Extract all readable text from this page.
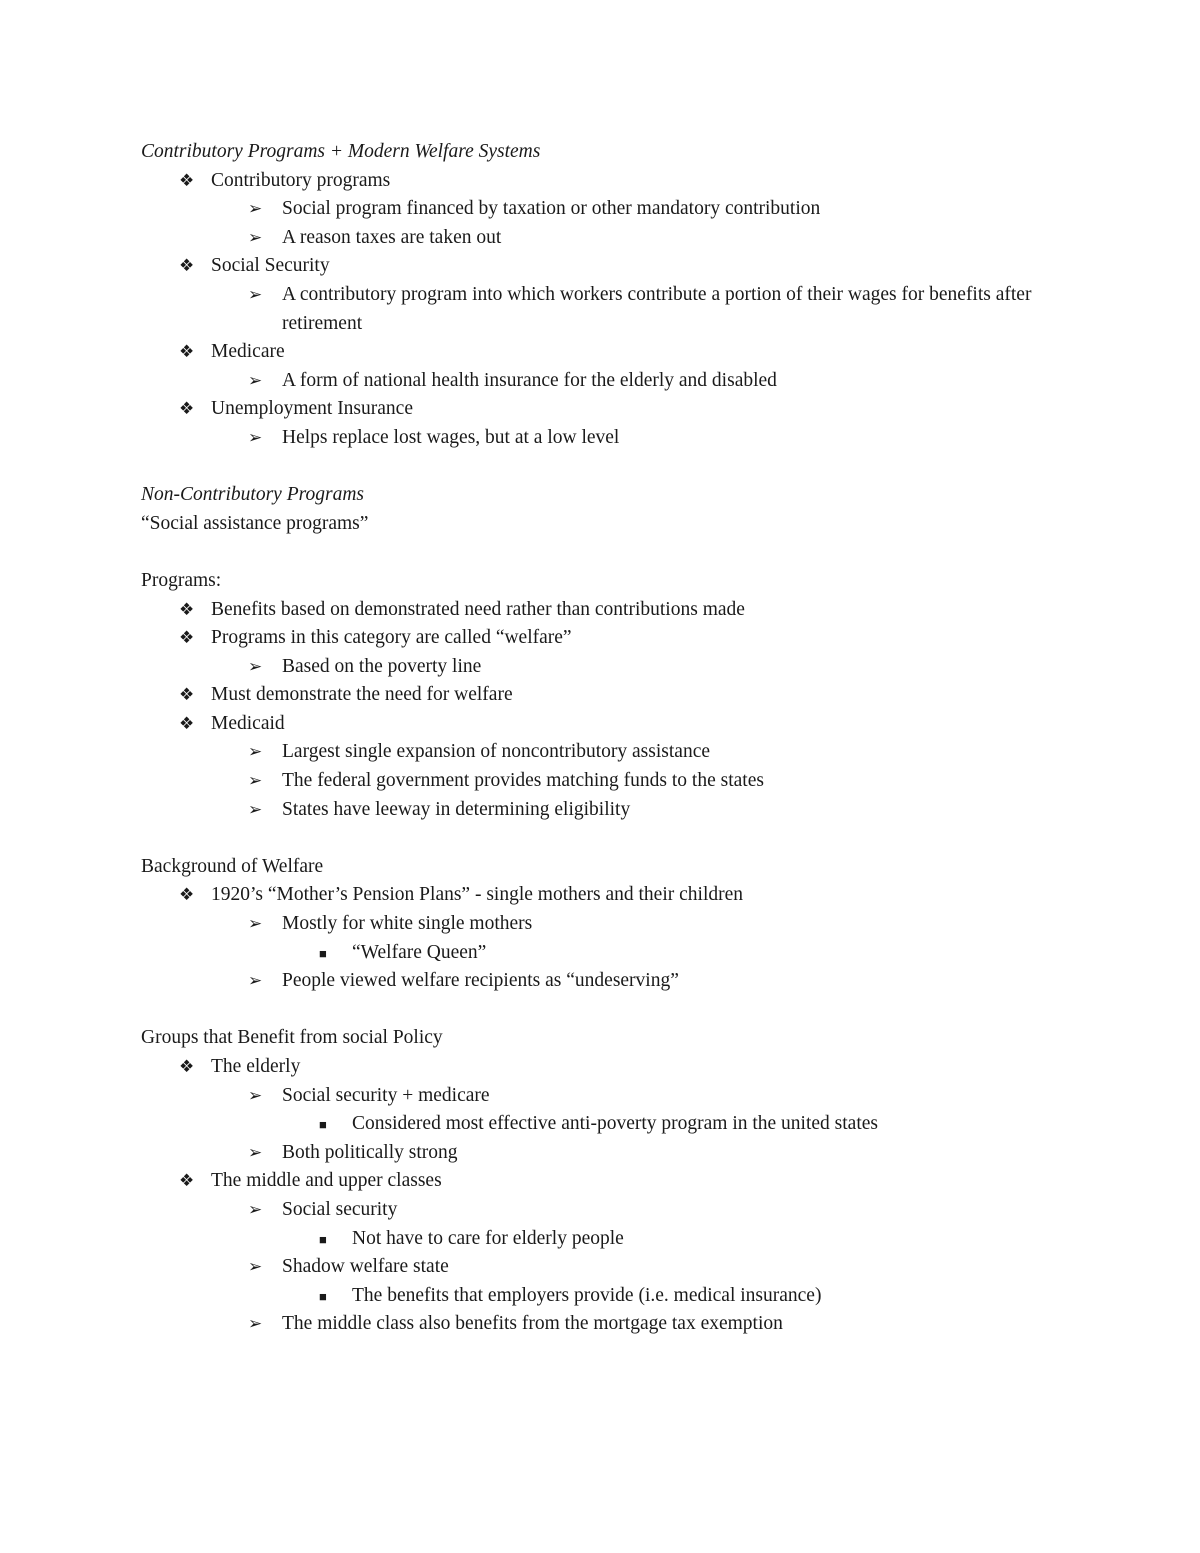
Contributory Programs + Modern Welfare Systems
❖ Contributory programs
➢ Social program financed by taxation or other mandatory contribution
➢ A reason taxes are taken out
❖ Social Security
➢ A contributory program into which workers contribute a portion of their wages for benefits after retirement
❖ Medicare
➢ A form of national health insurance for the elderly and disabled
❖ Unemployment Insurance
➢ Helps replace lost wages, but at a low level
Non-Contributory Programs
“Social assistance programs”
Programs:
❖ Benefits based on demonstrated need rather than contributions made
❖ Programs in this category are called “welfare”
➢ Based on the poverty line
❖ Must demonstrate the need for welfare
❖ Medicaid
➢ Largest single expansion of noncontributory assistance
➢ The federal government provides matching funds to the states
➢ States have leeway in determining eligibility
Background of Welfare
❖ 1920’s “Mother’s Pension Plans” - single mothers and their children
➢ Mostly for white single mothers
■ “Welfare Queen”
➢ People viewed welfare recipients as “undeserving”
Groups that Benefit from social Policy
❖ The elderly
➢ Social security + medicare
■ Considered most effective anti-poverty program in the united states
➢ Both politically strong
❖ The middle and upper classes
➢ Social security
■ Not have to care for elderly people
➢ Shadow welfare state
■ The benefits that employers provide (i.e. medical insurance)
➢ The middle class also benefits from the mortgage tax exemption
